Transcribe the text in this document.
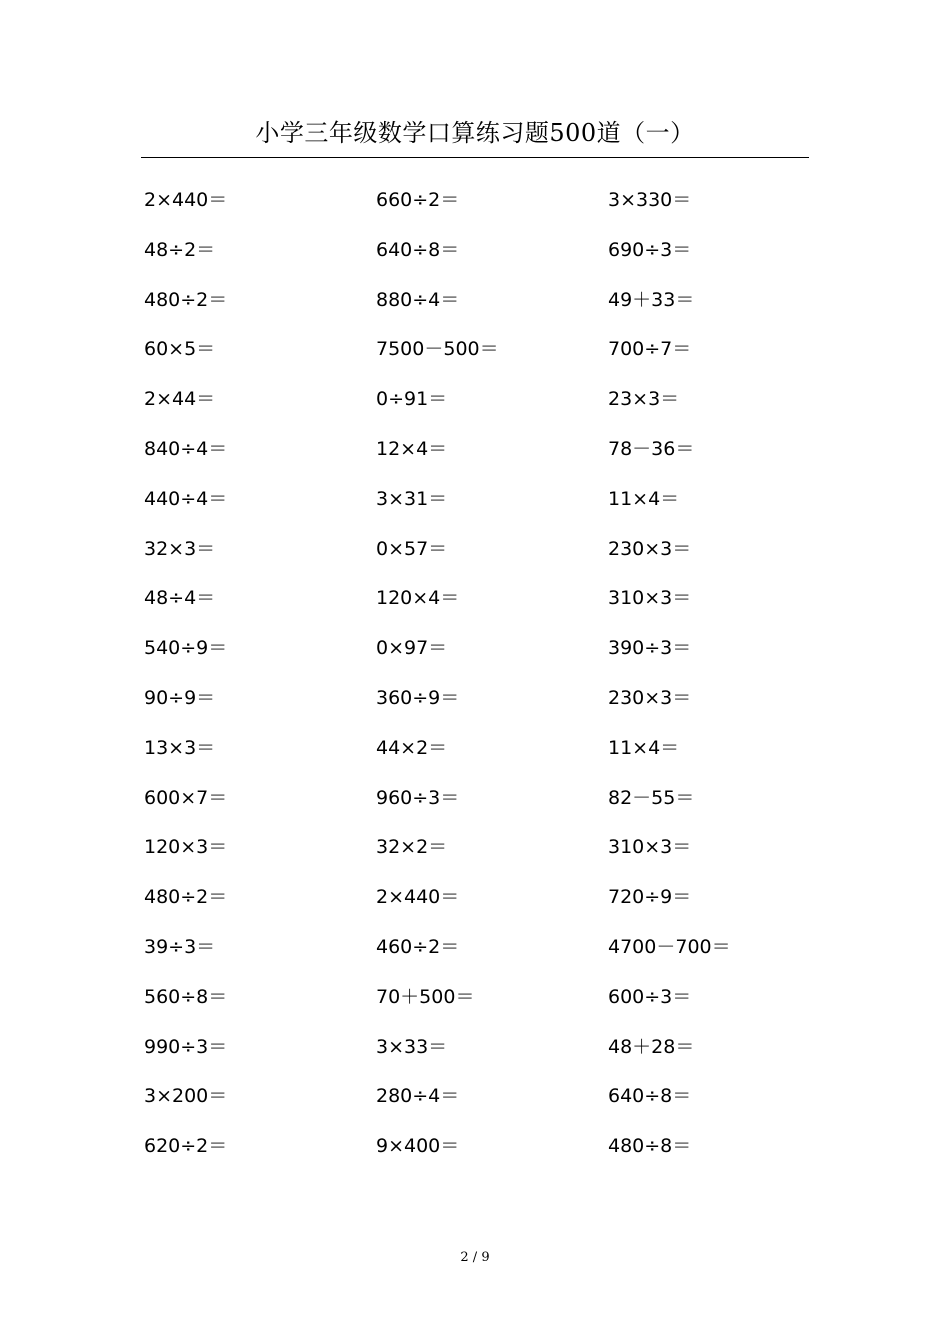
小学三年级数学口算练习题500道（一）
2×440＝	660÷2＝	3×330＝
48÷2＝	640÷8＝	690÷3＝
480÷2＝	880÷4＝	49＋33＝
60×5＝	7500－500＝	700÷7＝
2×44＝	0÷91＝	23×3＝
840÷4＝	12×4＝	78－36＝
440÷4＝	3×31＝	11×4＝
32×3＝	0×57＝	230×3＝
48÷4＝	120×4＝	310×3＝
540÷9＝	0×97＝	390÷3＝
90÷9＝	360÷9＝	230×3＝
13×3＝	44×2＝	11×4＝
600×7＝	960÷3＝	82－55＝
120×3＝	32×2＝	310×3＝
480÷2＝	2×440＝	720÷9＝
39÷3＝	460÷2＝	4700－700＝
560÷8＝	70＋500＝	600÷3＝
990÷3＝	3×33＝	48＋28＝
3×200＝	280÷4＝	640÷8＝
620÷2＝	9×400＝	480÷8＝
2 / 9
